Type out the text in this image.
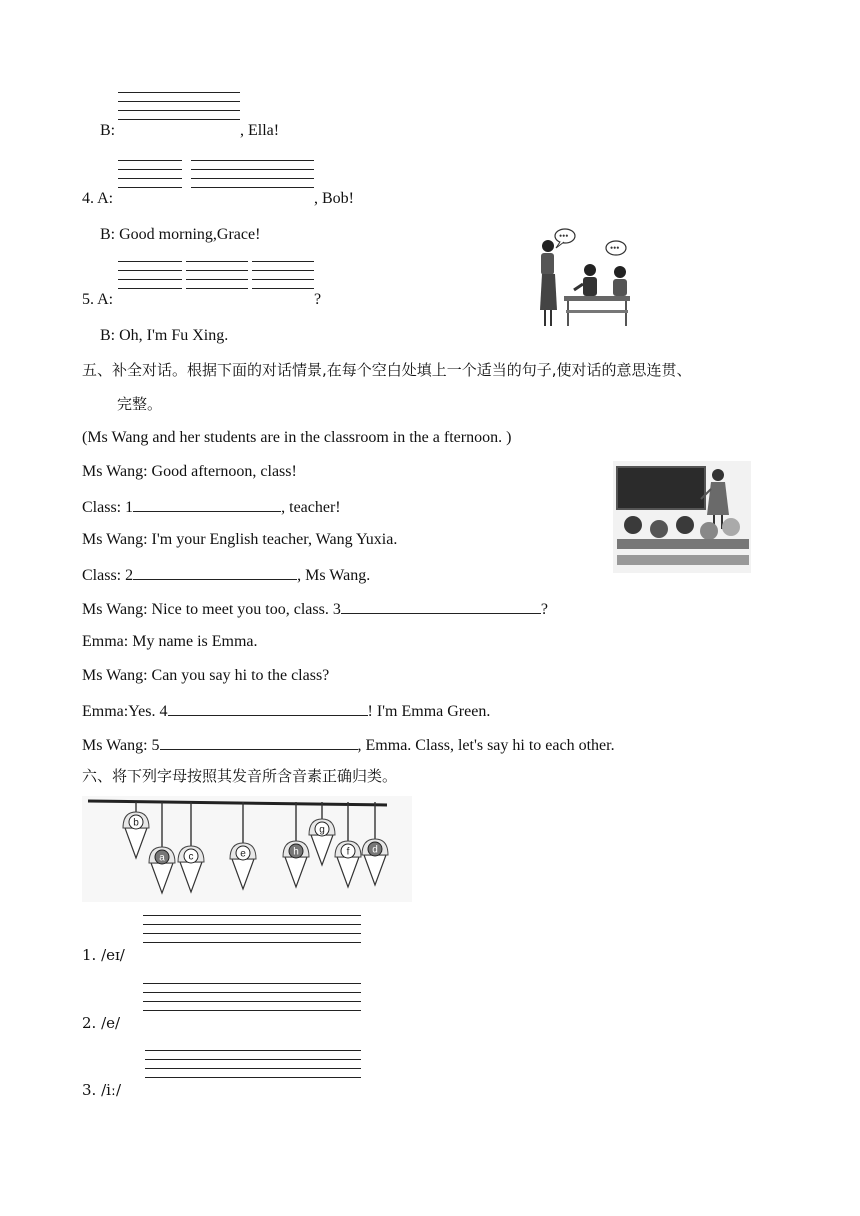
B:	, Ella!
4. A:	, Bob!
B: Good morning,Grace!
5. A:	?
B: Oh, I'm Fu Xing.
•••
•••
五、补全对话。根据下面的对话情景,在每个空白处填上一个适当的句子,使对话的意思连贯、
完整。
(Ms Wang and her students are in the classroom in the a fternoon. )
Ms Wang: Good afternoon, class!
Class: 1	, teacher!
Ms Wang: I'm your English teacher, Wang Yuxia.
Class: 2	, Ms Wang.
Ms Wang: Nice to meet you too, class. 3	?
Emma: My name is Emma.
Ms Wang: Can you say hi to the class?
Emma:Yes. 4	! I'm Emma Green.
Ms Wang: 5	, Emma. Class, let's say hi to each other.
六、将下列字母按照其发音所含音素正确归类。
b
a c	e	h
g
f d
1. /eɪ/
2. /e/
3. /iː/
